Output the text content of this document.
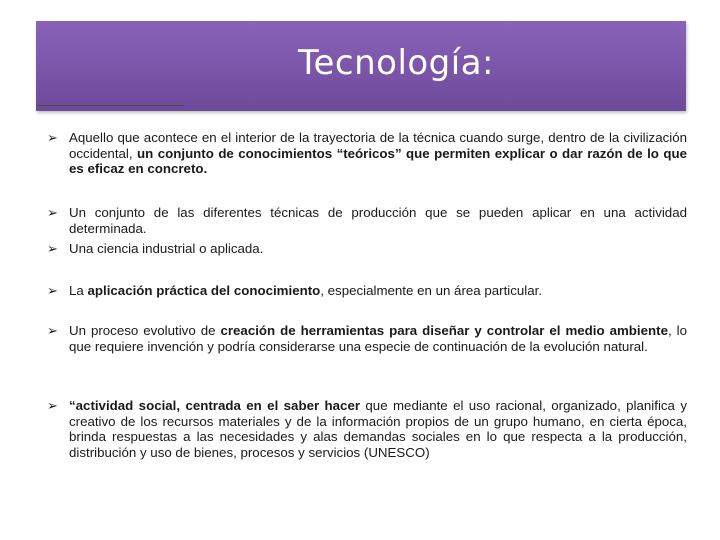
Tecnología:
➢ Aquello que acontece en el interior de la trayectoria de la técnica cuando surge, dentro de la civilización occidental, un conjunto de conocimientos “teóricos” que permiten explicar o dar razón de lo que es eficaz en concreto.
➢ Un conjunto de las diferentes técnicas de producción que se pueden aplicar en una actividad determinada.
➢ Una ciencia industrial o aplicada.
➢ La aplicación práctica del conocimiento, especialmente en un área particular.
➢ Un proceso evolutivo de creación de herramientas para diseñar y controlar el medio ambiente, lo que requiere invención y podría considerarse una especie de continuación de la evolución natural.
➢ “actividad social, centrada en el saber hacer que mediante el uso racional, organizado, planifica y creativo de los recursos materiales y de la información propios de un grupo humano, en cierta época, brinda respuestas a las necesidades y alas demandas sociales en lo que respecta a la producción, distribución y uso de bienes, procesos y servicios (UNESCO)
